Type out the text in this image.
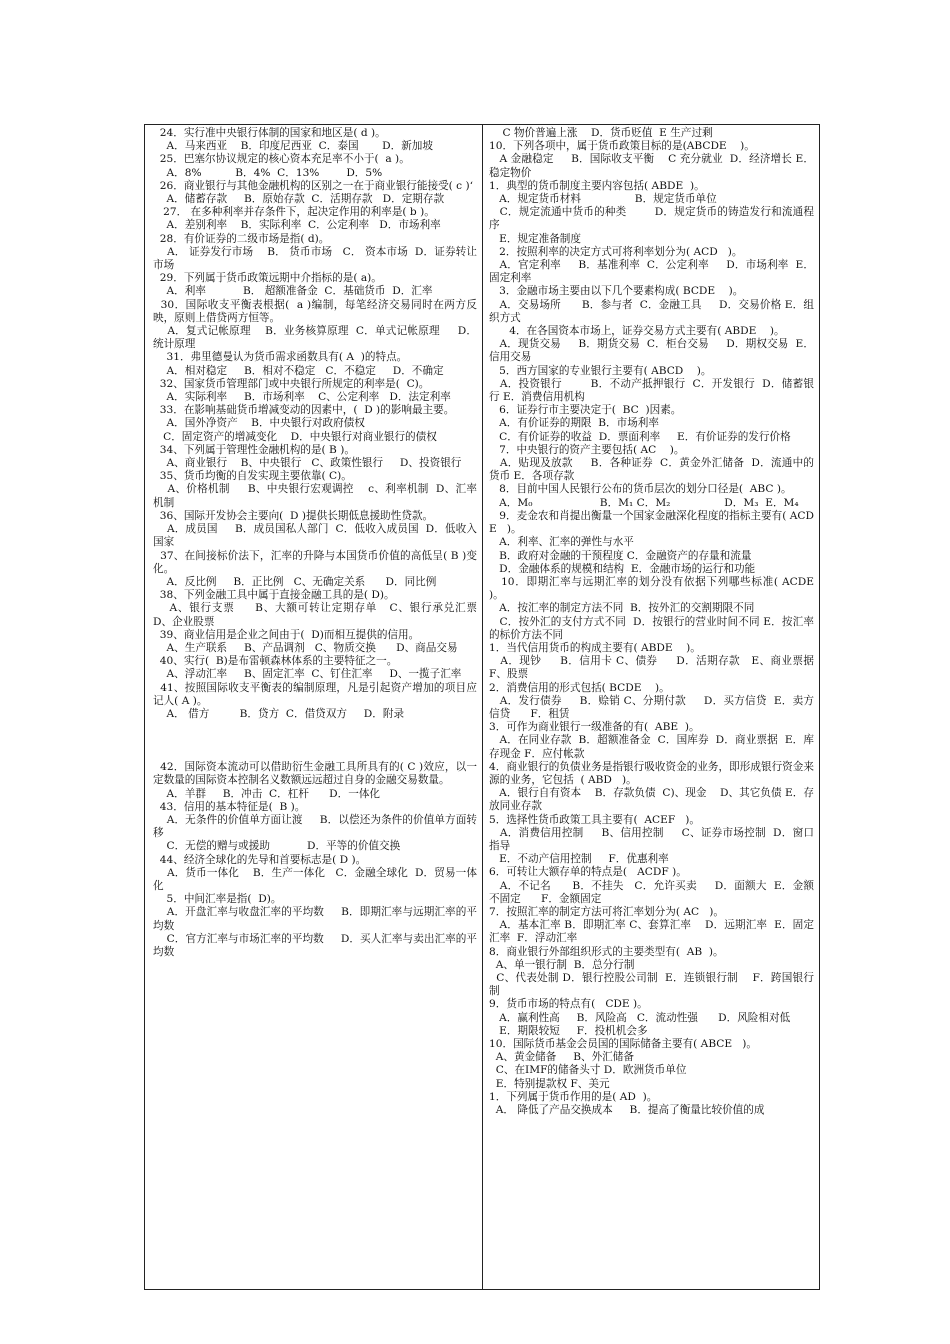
24．实行准中央银行体制的国家和地区是( d )。

A．马来西亚    B．印度尼西亚  C．泰国       D．新加坡

25．巴塞尔协议规定的核心资本充足率不小于(  a )。

A．8%          B．4%  C．13%        D．5%

26．商业银行与其他金融机构的区别之一在于商业银行能接受( c )‘

A．储蓄存款     B．原始存款  C．活期存款   D．定期存款

27． 在多种利率并存条件下，起决定作用的利率是( b )。

A．差别利率    B．实际利率  C．公定利率   D．市场利率

28．有价证券的二级市场是指( d)。

A． 证券发行市场    B． 货币市场   C． 资本市场  D．证券转让市场

29．下列属于货币政策远期中介指标的是( a)。

A．利率           B． 超额准备金  C．基础货币  D．汇率

30．国际收支平衡表根据(  a )编制，每笔经济交易同时在两方反映，原则上借贷两方恒等。

A．复式记帐原理    B．业务核算原理  C．单式记帐原理     D．统计原理

31．弗里德曼认为货币需求函数具有( A  )的特点。

A．相对稳定     B．相对不稳定   C．不稳定     D．不确定

32、国家货币管理部门或中央银行所规定的利率是(  C)。

A．实际利率     B．市场利率    C、公定利率   D．法定利率

33．在影响基础货币增减变动的因素中，(  D )的影响最主要。

A．国外净资产    B．中央银行对政府债权

C．固定资产的增减变化    D．中央银行对商业银行的债权

34、下列属于管理性金融机构的是( B )。

A、商业银行    B、中央银行   C、政策性银行     D、投资银行

35、货币均衡的自发实现主要依靠( C)。

A、价格机制     B、中央银行宏观调控    c、利率机制  D、汇率机制

36、国际开发协会主要向(  D )提供长期低息援助性贷款。

A．成员国     B．成员国私人部门  C．低收入成员国  D．低收入国家

37、在间接标价法下，汇率的升降与本国货币价值的高低呈( B )变化。

A．反比例     B．正比例   C、无确定关系      D．同比例

38、下列金融工具中属于直接金融工具的是( D)。

A、银行支票     B、大额可转让定期存单   C、银行承兑汇票    D、企业股票

39、商业信用是企业之间由于(  D)而相互提供的信用。

A、生产联系     B、产品调剂   C、物质交换      D、商品交易

40、实行(  B)是布雷顿森林体系的主要特征之一。

A、浮动汇率     B、固定汇率  C、钉住汇率     D、一揽子汇率

41、按照国际收支平衡表的编制原理，凡是引起资产增加的项目应记人( A )。

A． 借方         B．贷方  C．借贷双方     D．附录

42．国际资本流动可以借助衍生金融工具所具有的( C )效应，以一定数量的国际资本控制名义数额远远超过自身的金融交易数量。

A．羊群     B．冲击  C．杠杆      D．一体化

43．信用的基本特征是(  B )。

A．无条件的价值单方面让渡     B．以偿还为条件的价值单方面转移

C．无偿的赠与或援助           D．平等的价值交换

44、经济全球化的先导和首要标志是( D )。

A．货币一体化    B．生产一体化   C．金融全球化  D．贸易一体化

5．中间汇率是指(  D)。

A．开盘汇率与收盘汇率的平均数     B．即期汇率与远期汇率的平均数

C．官方汇率与市场汇率的平均数     D．买人汇率与卖出汇率的平均数

C 物价普遍上涨    D．货币贬值  E 生产过剩

10．下列各项中，属于货币政策目标的是(ABCDE    )。

A 金融稳定     B．国际收支平衡    C 充分就业  D．经济增长 E．稳定物价

1．典型的货币制度主要内容包括( ABDE  )。

A．规定货币材料                B．规定货币单位

C．规定流通中货币的种类        D．规定货币的铸造发行和流通程序

E．规定准备制度

2．按照利率的决定方式可将利率划分为( ACD   )。

A．官定利率     B．基准利率  C．公定利率     D．市场利率  E．固定利率

3．金融市场主要由以下几个要素构成( BCDE    )。

A．交易场所      B．参与者  C．金融工具     D．交易价格 E．组织方式

4．在各国资本市场上，证券交易方式主要有( ABDE    )。

A．现货交易     B．期货交易  C．柜台交易     D．期权交易  E．信用交易

5．西方国家的专业银行主要有( ABCD    )。

A．投资银行        B．不动产抵押银行  C．开发银行  D．储蓄银行 E．消费信用机构

6．证券行市主要决定于(  BC  )因素。

A．有价证券的期限  B．市场利率

C．有价证券的收益  D．票面利率     E．有价证券的发行价格

7．中央银行的资产主要包括( AC    )。

A．贴现及放款     B．各种证券  C．黄金外汇储备  D．流通中的货币 E．各项存款

8．目前中国人民银行公布的货币层次的划分口径是(  ABC )。

A．M₀                    B．M₁ C．M₂                D．M₃  E．M₄

9．麦金农和肖提出衡量一个国家金融深化程度的指标主要有( ACDE   )。

A．利率、汇率的弹性与水平

B．政府对金融的干预程度 C．金融资产的存量和流量

D．金融体系的规模和结构  E．金融市场的运行和功能

10．即期汇率与远期汇率的划分没有依据下列哪些标准( ACDE    )。

A．按汇率的制定方法不同  B．按外汇的交割期限不同

C．按外汇的支付方式不同  D．按银行的营业时间不同 E．按汇率的标价方法不同

1．当代信用货币的构成主要有( ABDE    )。

A．现钞     B．信用卡 C、债券     D．活期存款   E、商业票据      F、股票

2．消费信用的形式包括( BCDE    )。

A．发行债券     B．赊销 C、分期付款     D．买方信贷  E．卖方信贷      F．租赁

3．可作为商业银行一级准备的有(  ABE  )。

A．在同业存款  B．超额准备金  C．国库券  D．商业票据  E．库存现金 F．应付帐款

4．商业银行的负债业务是指银行吸收资金的业务，即形成银行资金来源的业务，它包括  ( ABD   )。

A．银行自有资本    B．存款负债  C)、现金    D、其它负债 E．存放同业存款

5．选择性货币政策工具主要有(  ACEF   )。

A．消费信用控制     B、信用控制     C、证券市场控制  D．窗口指导

E．不动产信用控制     F．优惠利率

6．可转让大额存单的特点是(   ACDF )。

A．不记名      B．不挂失   C．允许买卖     D．面额大  E．金额不固定      F．金额固定

7．按照汇率的制定方法可将汇率划分为( AC   )。

A．基本汇率 B．即期汇率 C、套算汇率    D．远期汇率  E．固定汇率  F．浮动汇率

8．商业银行外部组织形式的主要类型有(  AB  )。

A、单一银行制  B．总分行制

C、代表处制 D．银行控股公司制  E．连锁银行制    F．跨国银行制

9．货币市场的特点有(   CDE )。

A．赢利性高     B．风险高   C．流动性强      D．风险相对低

E．期限较短     F．投机机会多

10．国际货币基金会员国的国际储备主要有( ABCE   )。

A、黄金储备     B、外汇储备

C、在IMF的储备头寸 D．欧洲货币单位

E．特别提款权 F、美元

1．下列属于货币作用的是( AD  )。

A． 降低了产品交换成本     B．提高了衡量比较价值的成
